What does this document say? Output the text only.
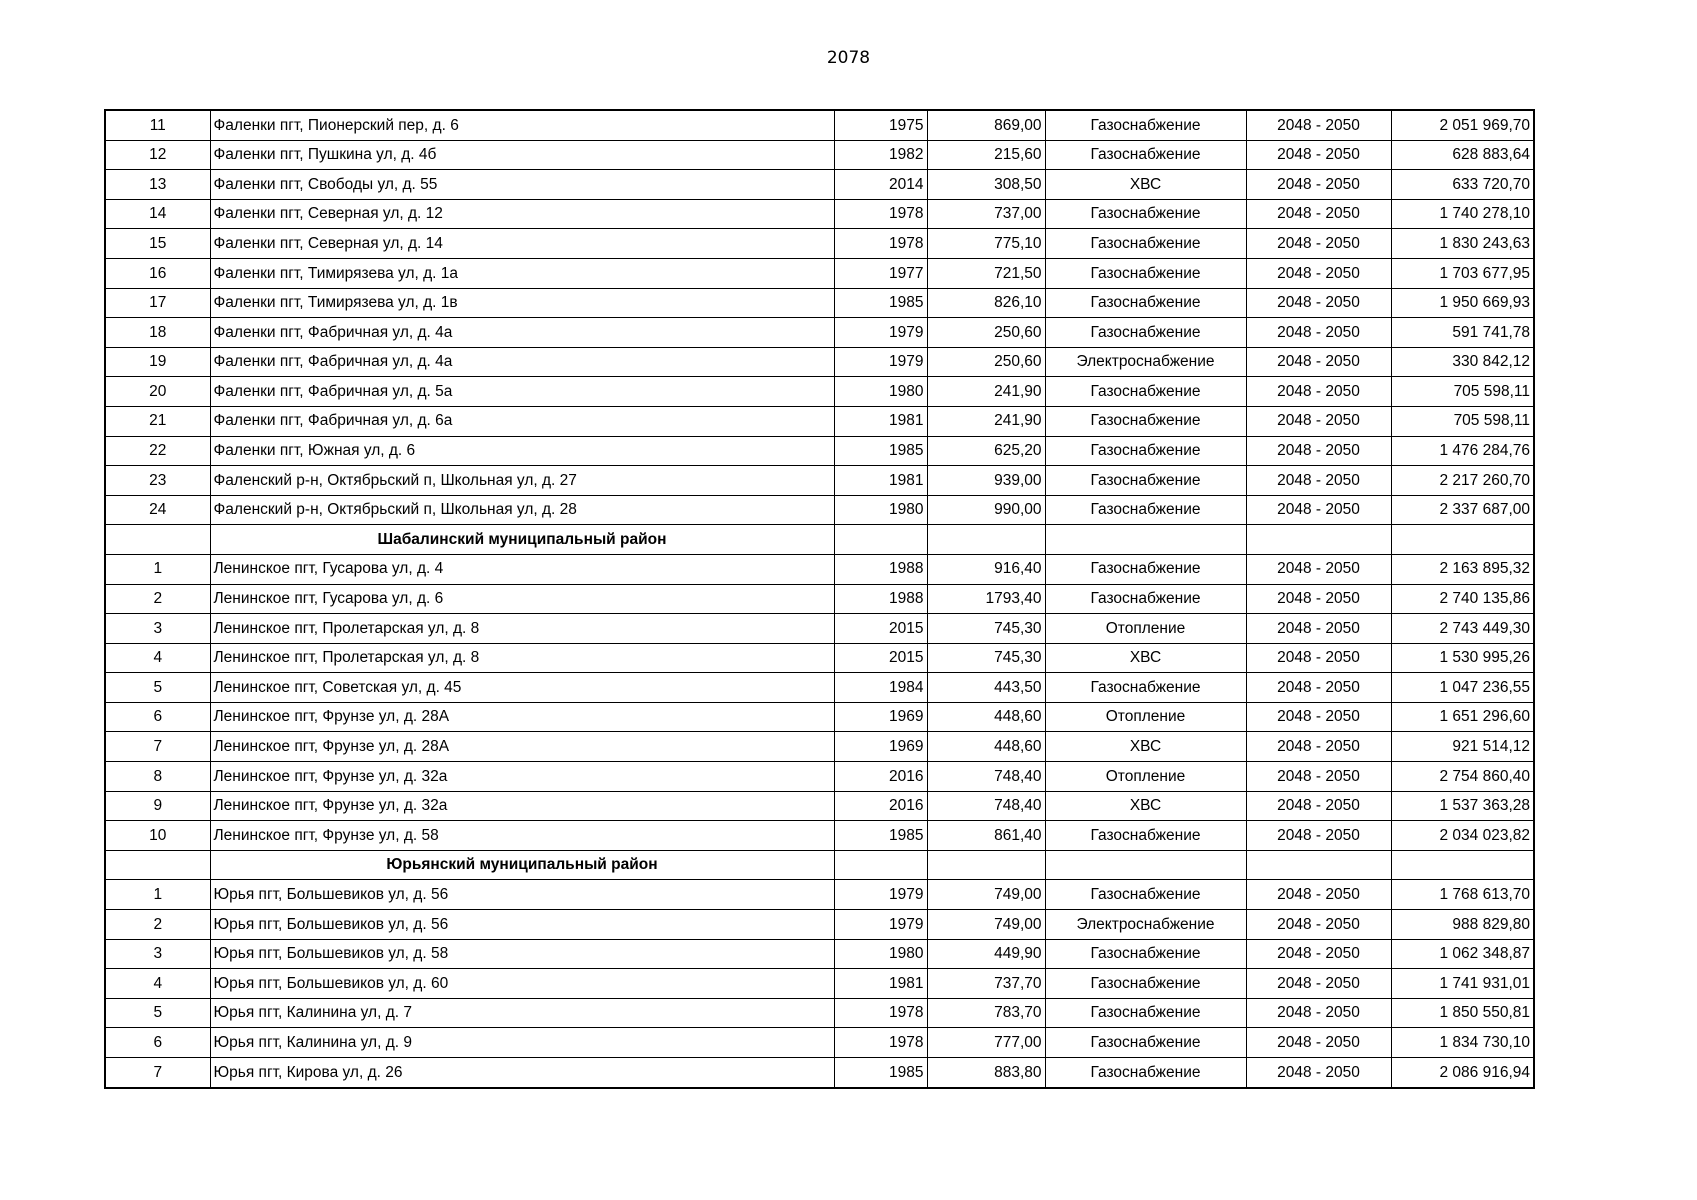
2078
11	Фаленки пгт, Пионерский пер, д. 6	1975	869,00	Газоснабжение	2048 - 2050	2 051 969,70
12	Фаленки пгт, Пушкина ул, д. 4б	1982	215,60	Газоснабжение	2048 - 2050	628 883,64
13	Фаленки пгт, Свободы ул, д. 55	2014	308,50	ХВС	2048 - 2050	633 720,70
14	Фаленки пгт, Северная ул, д. 12	1978	737,00	Газоснабжение	2048 - 2050	1 740 278,10
15	Фаленки пгт, Северная ул, д. 14	1978	775,10	Газоснабжение	2048 - 2050	1 830 243,63
16	Фаленки пгт, Тимирязева ул, д. 1а	1977	721,50	Газоснабжение	2048 - 2050	1 703 677,95
17	Фаленки пгт, Тимирязева ул, д. 1в	1985	826,10	Газоснабжение	2048 - 2050	1 950 669,93
18	Фаленки пгт, Фабричная ул, д. 4а	1979	250,60	Газоснабжение	2048 - 2050	591 741,78
19	Фаленки пгт, Фабричная ул, д. 4а	1979	250,60	Электроснабжение	2048 - 2050	330 842,12
20	Фаленки пгт, Фабричная ул, д. 5а	1980	241,90	Газоснабжение	2048 - 2050	705 598,11
21	Фаленки пгт, Фабричная ул, д. 6а	1981	241,90	Газоснабжение	2048 - 2050	705 598,11
22	Фаленки пгт, Южная ул, д. 6	1985	625,20	Газоснабжение	2048 - 2050	1 476 284,76
23	Фаленский р-н, Октябрьский п, Школьная ул, д. 27	1981	939,00	Газоснабжение	2048 - 2050	2 217 260,70
24	Фаленский р-н, Октябрьский п, Школьная ул, д. 28	1980	990,00	Газоснабжение	2048 - 2050	2 337 687,00
	Шабалинский муниципальный район					
1	Ленинское пгт, Гусарова ул, д. 4	1988	916,40	Газоснабжение	2048 - 2050	2 163 895,32
2	Ленинское пгт, Гусарова ул, д. 6	1988	1793,40	Газоснабжение	2048 - 2050	2 740 135,86
3	Ленинское пгт, Пролетарская ул, д. 8	2015	745,30	Отопление	2048 - 2050	2 743 449,30
4	Ленинское пгт, Пролетарская ул, д. 8	2015	745,30	ХВС	2048 - 2050	1 530 995,26
5	Ленинское пгт, Советская ул, д. 45	1984	443,50	Газоснабжение	2048 - 2050	1 047 236,55
6	Ленинское пгт, Фрунзе ул, д. 28А	1969	448,60	Отопление	2048 - 2050	1 651 296,60
7	Ленинское пгт, Фрунзе ул, д. 28А	1969	448,60	ХВС	2048 - 2050	921 514,12
8	Ленинское пгт, Фрунзе ул, д. 32а	2016	748,40	Отопление	2048 - 2050	2 754 860,40
9	Ленинское пгт, Фрунзе ул, д. 32а	2016	748,40	ХВС	2048 - 2050	1 537 363,28
10	Ленинское пгт, Фрунзе ул, д. 58	1985	861,40	Газоснабжение	2048 - 2050	2 034 023,82
	Юрьянский муниципальный район					
1	Юрья пгт, Большевиков ул, д. 56	1979	749,00	Газоснабжение	2048 - 2050	1 768 613,70
2	Юрья пгт, Большевиков ул, д. 56	1979	749,00	Электроснабжение	2048 - 2050	988 829,80
3	Юрья пгт, Большевиков ул, д. 58	1980	449,90	Газоснабжение	2048 - 2050	1 062 348,87
4	Юрья пгт, Большевиков ул, д. 60	1981	737,70	Газоснабжение	2048 - 2050	1 741 931,01
5	Юрья пгт, Калинина ул, д. 7	1978	783,70	Газоснабжение	2048 - 2050	1 850 550,81
6	Юрья пгт, Калинина ул, д. 9	1978	777,00	Газоснабжение	2048 - 2050	1 834 730,10
7	Юрья пгт, Кирова ул, д. 26	1985	883,80	Газоснабжение	2048 - 2050	2 086 916,94
